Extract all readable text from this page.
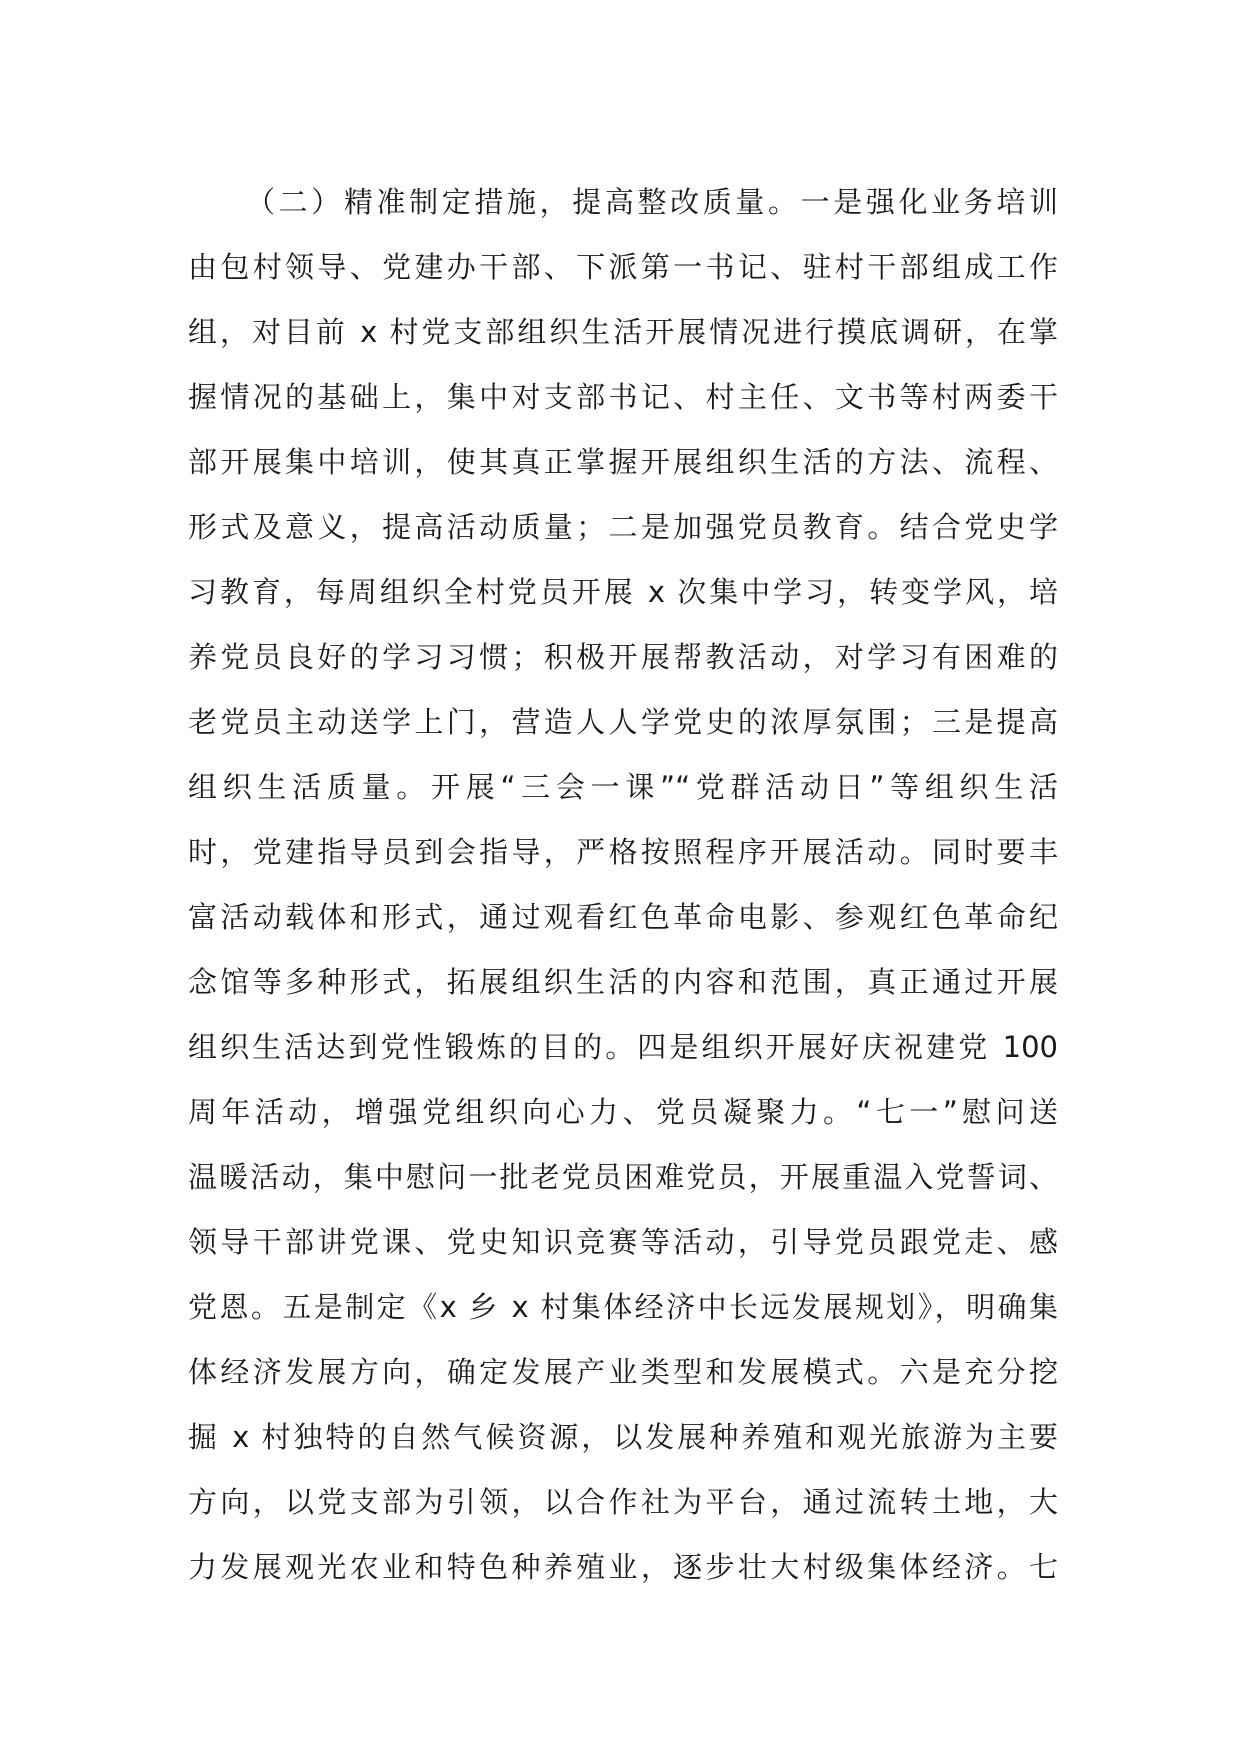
（二）精准制定措施，提高整改质量。一是强化业务培训
由包村领导、党建办干部、下派第一书记、驻村干部组成工作
组，对目前 x 村党支部组织生活开展情况进行摸底调研，在掌
握情况的基础上，集中对支部书记、村主任、文书等村两委干
部开展集中培训，使其真正掌握开展组织生活的方法、流程、
形式及意义，提高活动质量；二是加强党员教育。结合党史学
习教育，每周组织全村党员开展 x 次集中学习，转变学风，培
养党员良好的学习习惯；积极开展帮教活动，对学习有困难的
老党员主动送学上门，营造人人学党史的浓厚氛围；三是提高
组织生活质量。开展“三会一课”“党群活动日”等组织生活
时，党建指导员到会指导，严格按照程序开展活动。同时要丰
富活动载体和形式，通过观看红色革命电影、参观红色革命纪
念馆等多种形式，拓展组织生活的内容和范围，真正通过开展
组织生活达到党性锻炼的目的。四是组织开展好庆祝建党 100
周年活动，增强党组织向心力、党员凝聚力。“七一”慰问送
温暖活动，集中慰问一批老党员困难党员，开展重温入党誓词、
领导干部讲党课、党史知识竞赛等活动，引导党员跟党走、感
党恩。五是制定《x 乡 x 村集体经济中长远发展规划》，明确集
体经济发展方向，确定发展产业类型和发展模式。六是充分挖
掘 x 村独特的自然气候资源，以发展种养殖和观光旅游为主要
方向，以党支部为引领，以合作社为平台，通过流转土地，大
力发展观光农业和特色种养殖业，逐步壮大村级集体经济。七
